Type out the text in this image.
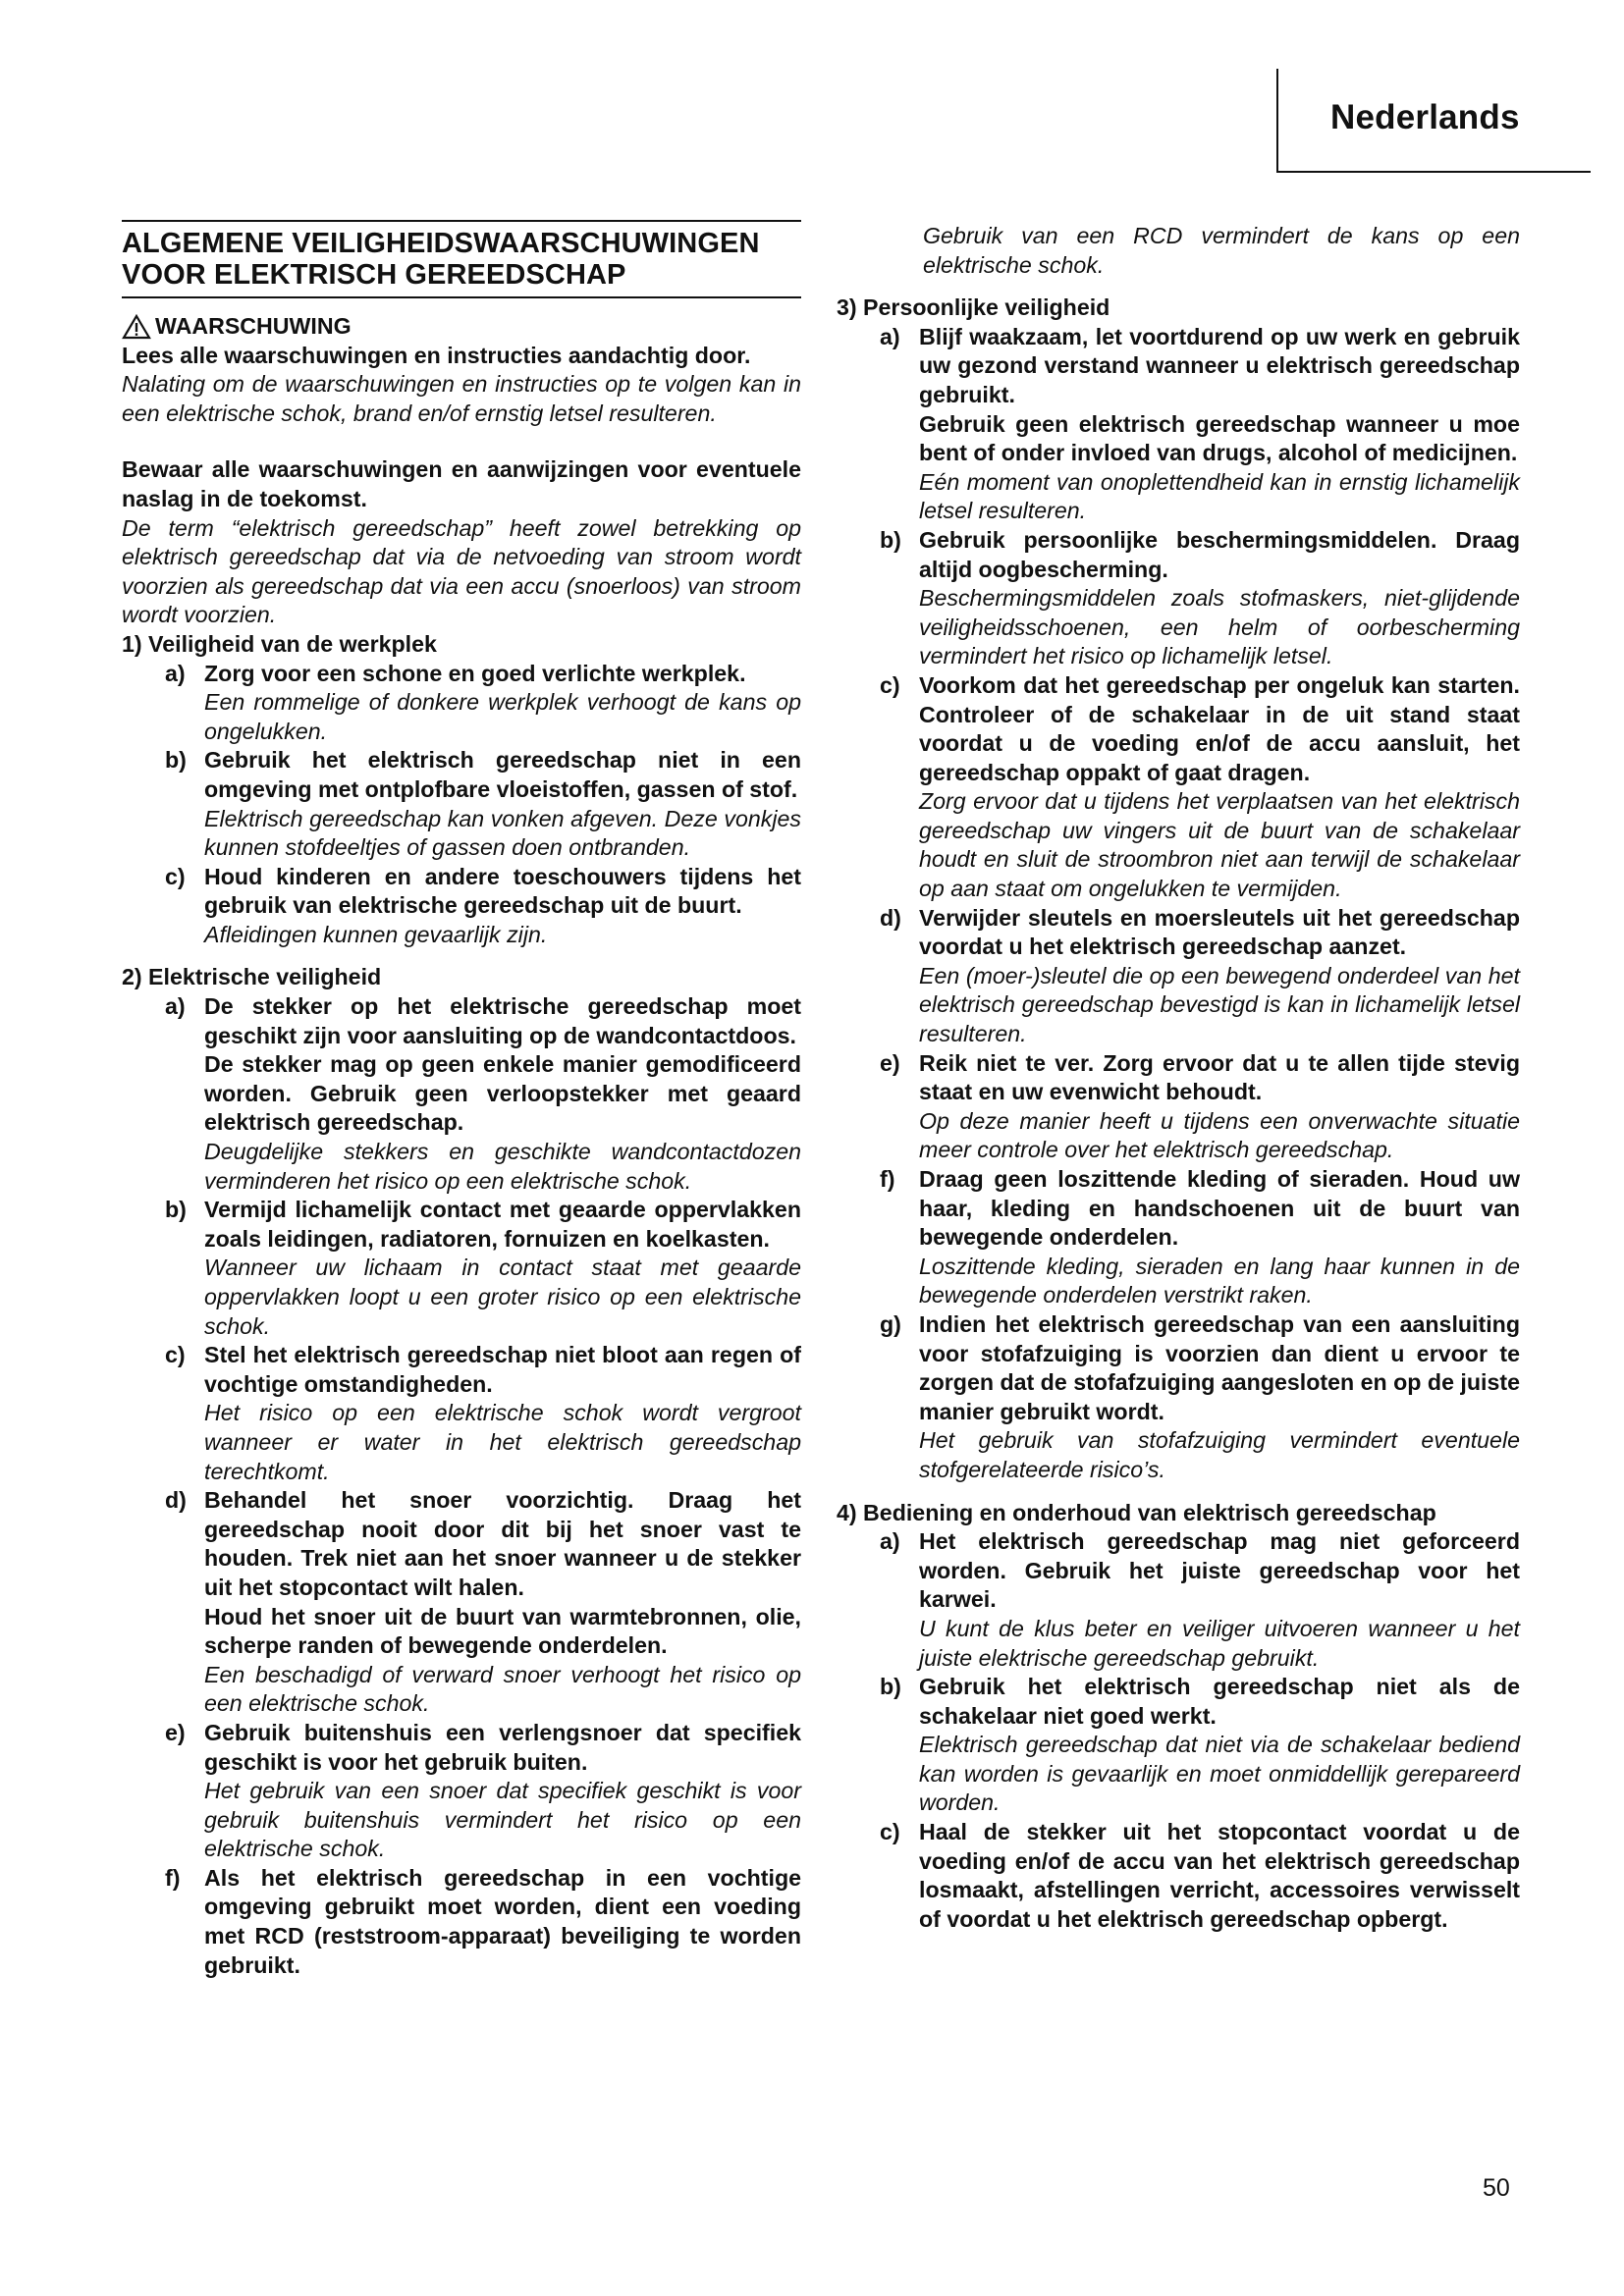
Nederlands
ALGEMENE VEILIGHEIDSWAARSCHUWINGEN
VOOR ELEKTRISCH GEREEDSCHAP
WAARSCHUWING

Lees alle waarschuwingen en instructies aandachtig door.

Nalating om de waarschuwingen en instructies op te volgen kan in een elektrische schok, brand en/of ernstig letsel resulteren.

Bewaar alle waarschuwingen en aanwijzingen voor eventuele naslag in de toekomst.

De term “elektrisch gereedschap” heeft zowel betrekking op elektrisch gereedschap dat via de netvoeding van stroom wordt voorzien als gereedschap dat via een accu (snoerloos) van stroom wordt voorzien.

1) Veiligheid van de werkplek

a) Zorg voor een schone en goed verlichte werkplek.
Een rommelige of donkere werkplek verhoogt de kans op ongelukken.
b) Gebruik het elektrisch gereedschap niet in een omgeving met ontplofbare vloeistoffen, gassen of stof.
Elektrisch gereedschap kan vonken afgeven. Deze vonkjes kunnen stofdeeltjes of gassen doen ontbranden.
c) Houd kinderen en andere toeschouwers tijdens het gebruik van elektrische gereedschap uit de buurt.
Afleidingen kunnen gevaarlijk zijn.

2) Elektrische veiligheid

a) De stekker op het elektrische gereedschap moet geschikt zijn voor aansluiting op de wandcontactdoos.
De stekker mag op geen enkele manier gemodificeerd worden. Gebruik geen verloopstekker met geaard elektrisch gereedschap.
Deugdelijke stekkers en geschikte wandcontactdozen verminderen het risico op een elektrische schok.
b) Vermijd lichamelijk contact met geaarde oppervlakken zoals leidingen, radiatoren, fornuizen en koelkasten.
Wanneer uw lichaam in contact staat met geaarde oppervlakken loopt u een groter risico op een elektrische schok.
c) Stel het elektrisch gereedschap niet bloot aan regen of vochtige omstandigheden.
Het risico op een elektrische schok wordt vergroot wanneer er water in het elektrisch gereedschap terechtkomt.
d) Behandel het snoer voorzichtig. Draag het gereedschap nooit door dit bij het snoer vast te houden. Trek niet aan het snoer wanneer u de stekker uit het stopcontact wilt halen.
Houd het snoer uit de buurt van warmtebronnen, olie, scherpe randen of bewegende onderdelen.
Een beschadigd of verward snoer verhoogt het risico op een elektrische schok.
e) Gebruik buitenshuis een verlengsnoer dat specifiek geschikt is voor het gebruik buiten.
Het gebruik van een snoer dat specifiek geschikt is voor gebruik buitenshuis vermindert het risico op een elektrische schok.
f) Als het elektrisch gereedschap in een vochtige omgeving gebruikt moet worden, dient een voeding met RCD (reststroom-apparaat) beveiliging te worden gebruikt.
Gebruik van een RCD vermindert de kans op een elektrische schok.

3) Persoonlijke veiligheid

a) Blijf waakzaam, let voortdurend op uw werk en gebruik uw gezond verstand wanneer u elektrisch gereedschap gebruikt.
Gebruik geen elektrisch gereedschap wanneer u moe bent of onder invloed van drugs, alcohol of medicijnen.
Eén moment van onoplettendheid kan in ernstig lichamelijk letsel resulteren.
b) Gebruik persoonlijke beschermingsmiddelen. Draag altijd oogbescherming.
Beschermingsmiddelen zoals stofmaskers, niet-glijdende veiligheidsschoenen, een helm of oorbescherming vermindert het risico op lichamelijk letsel.
c) Voorkom dat het gereedschap per ongeluk kan starten. Controleer of de schakelaar in de uit stand staat voordat u de voeding en/of de accu aansluit, het gereedschap oppakt of gaat dragen.
Zorg ervoor dat u tijdens het verplaatsen van het elektrisch gereedschap uw vingers uit de buurt van de schakelaar houdt en sluit de stroombron niet aan terwijl de schakelaar op aan staat om ongelukken te vermijden.
d) Verwijder sleutels en moersleutels uit het gereedschap voordat u het elektrisch gereedschap aanzet.
Een (moer-)sleutel die op een bewegend onderdeel van het elektrisch gereedschap bevestigd is kan in lichamelijk letsel resulteren.
e) Reik niet te ver. Zorg ervoor dat u te allen tijde stevig staat en uw evenwicht behoudt.
Op deze manier heeft u tijdens een onverwachte situatie meer controle over het elektrisch gereedschap.
f) Draag geen loszittende kleding of sieraden. Houd uw haar, kleding en handschoenen uit de buurt van bewegende onderdelen.
Loszittende kleding, sieraden en lang haar kunnen in de bewegende onderdelen verstrikt raken.
g) Indien het elektrisch gereedschap van een aansluiting voor stofafzuiging is voorzien dan dient u ervoor te zorgen dat de stofafzuiging aangesloten en op de juiste manier gebruikt wordt.
Het gebruik van stofafzuiging vermindert eventuele stofgerelateerde risico’s.

4) Bediening en onderhoud van elektrisch gereedschap

a) Het elektrisch gereedschap mag niet geforceerd worden. Gebruik het juiste gereedschap voor het karwei.
U kunt de klus beter en veiliger uitvoeren wanneer u het juiste elektrische gereedschap gebruikt.
b) Gebruik het elektrisch gereedschap niet als de schakelaar niet goed werkt.
Elektrisch gereedschap dat niet via de schakelaar bediend kan worden is gevaarlijk en moet onmiddellijk gerepareerd worden.
c) Haal de stekker uit het stopcontact voordat u de voeding en/of de accu van het elektrisch gereedschap losmaakt, afstellingen verricht, accessoires verwisselt of voordat u het elektrisch gereedschap opbergt.
50
